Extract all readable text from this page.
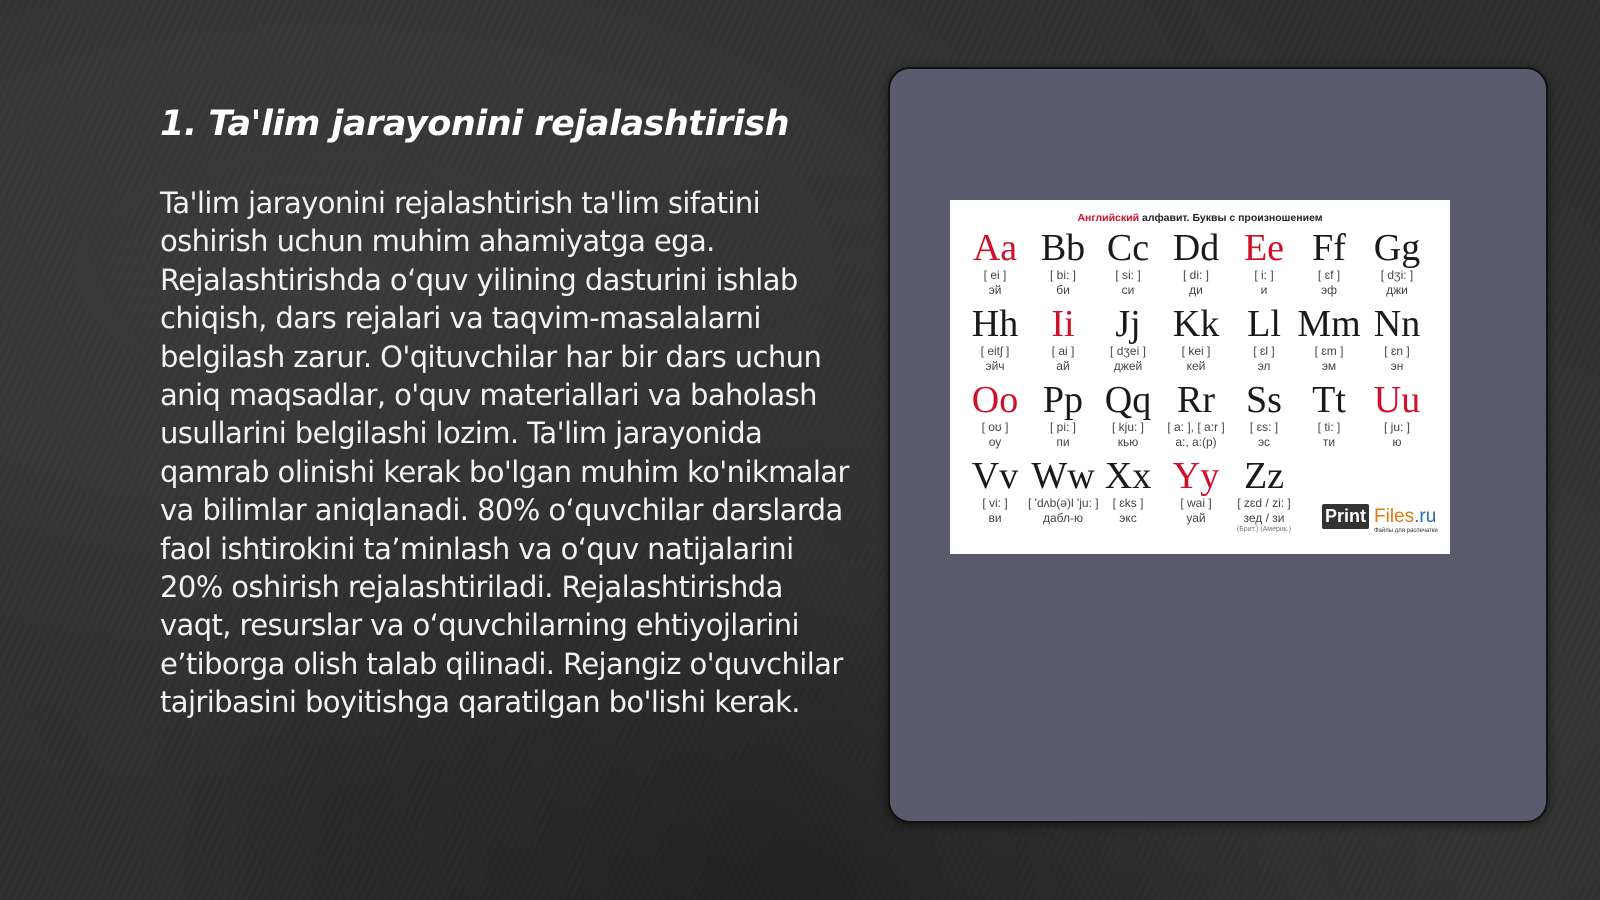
1. Ta'lim jarayonini rejalashtirish

Ta'lim jarayonini rejalashtirish ta'lim sifatini oshirish uchun muhim ahamiyatga ega. Rejalashtirishda o‘quv yilining dasturini ishlab chiqish, dars rejalari va taqvim-masalalarni belgilash zarur. O'qituvchilar har bir dars uchun aniq maqsadlar, o'quv materiallari va baholash usullarini belgilashi lozim. Ta'lim jarayonida qamrab olinishi kerak bo'lgan muhim ko'nikmalar va bilimlar aniqlanadi. 80% o‘quvchilar darslarda faol ishtirokini ta’minlash va o‘quv natijalarini 20% oshirish rejalashtiriladi. Rejalashtirishda vaqt, resurslar va o‘quvchilarning ehtiyojlarini e’tiborga olish talab qilinadi. Rejangiz o'quvchilar tajribasini boyitishga qaratilgan bo'lishi kerak.

Английский алфавит. Буквы с произношением
Print Files.ru
Файлы для распечатки
Aa
[ ei ]
эй
Bb
[ bi: ]
би
Cc
[ si: ]
си
Dd
[ di: ]
ди
Ee
[ i: ]
и
Ff
[ ɛf ]
эф
Gg
[ dʒi: ]
джи
Hh
[ eitʃ ]
эйч
Ii
[ ai ]
ай
Jj
[ dʒei ]
джей
Kk
[ kei ]
кей
Ll
[ ɛl ]
эл
Mm
[ ɛm ]
эм
Nn
[ ɛn ]
эн
Oo
[ oʊ ]
оу
Pp
[ pi: ]
пи
Qq
[ kju: ]
кью
Rr
[ a: ], [ a:r ]
a:, a:(p)
Ss
[ ɛs: ]
эс
Tt
[ ti: ]
ти
Uu
[ ju: ]
ю
Vv
[ vi: ]
ви
Ww
[ 'dʌb(ə)l 'ju: ]
дабл-ю
Xx
[ ɛks ]
экс
Yy
[ wai ]
уай
Zz
[ zɛd / zi: ]
зед / зи
(Брит.) (Америк.)
